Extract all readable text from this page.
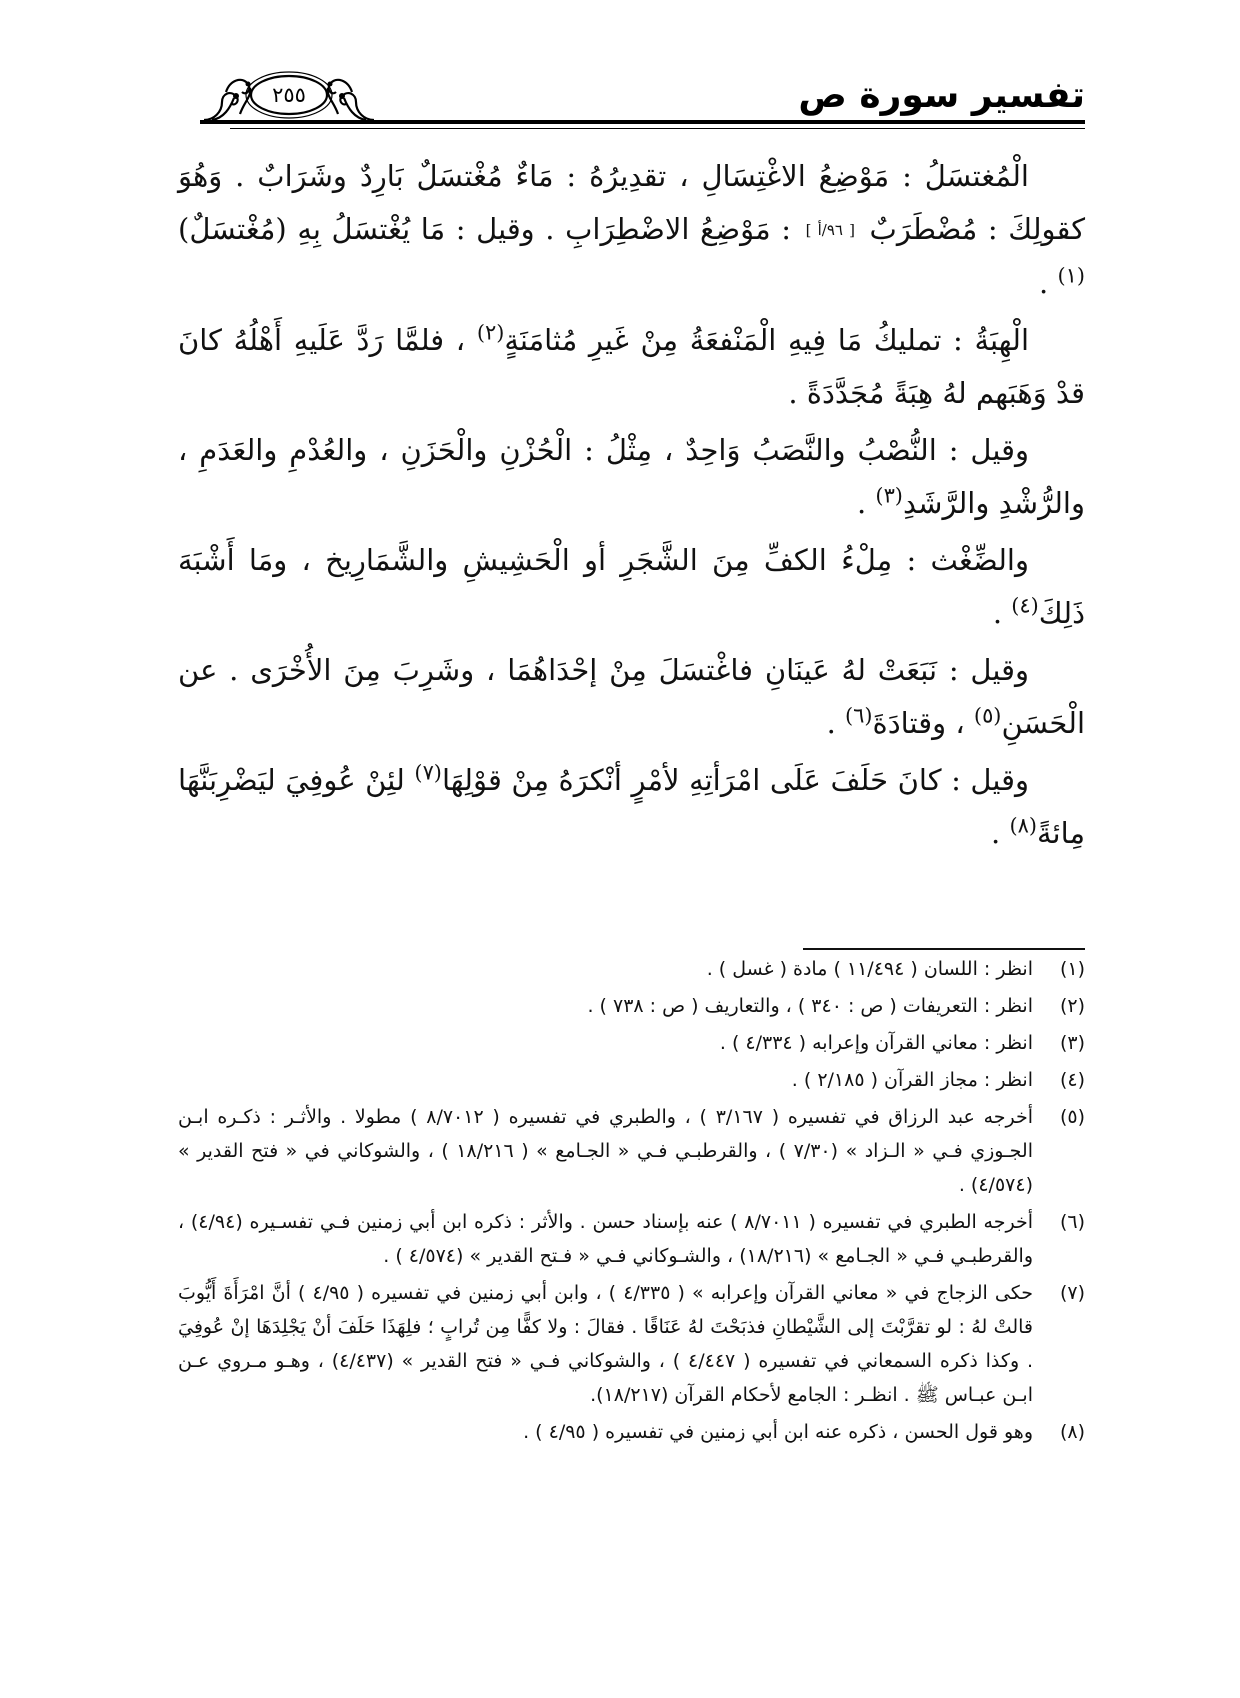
تفسير سورة ص
٢٥٥

الْمُغتسَلُ : مَوْضِعُ الاغْتِسَالِ ، تقدِيرُهُ : مَاءٌ مُغْتسَلٌ بَارِدٌ وشَرَابٌ . وَهُوَ كقولِكَ : مُضْطَرَبٌ [ ٩٦/أ ] : مَوْضِعُ الاضْطِرَابِ . وقيل : مَا يُغْتسَلُ بِهِ (مُغْتسَلٌ)$^{(١)}$ .

الْهِبَةُ : تمليكُ مَا فِيهِ الْمَنْفعَةُ مِنْ غَيرِ مُثامَنَةٍ$^{(٢)}$ ، فلمَّا رَدَّ عَلَيهِ أَهْلُهُ كانَ قدْ وَهَبَهم لهُ هِبَةً مُجَدَّدَةً .

وقيل : النُّصْبُ والنَّصَبُ وَاحِدٌ ، مِثْلُ : الْحُزْنِ والْحَزَنِ ، والعُدْمِ والعَدَمِ ، والرُّشْدِ والرَّشَدِ$^{(٣)}$ .

والضِّغْث : مِلْءُ الكفِّ مِنَ الشَّجَرِ أو الْحَشِيشِ والشَّمَارِيخ ، ومَا أَشْبَهَ ذَلِكَ$^{(٤)}$ .

وقيل : نَبَعَتْ لهُ عَينَانِ فاغْتسَلَ مِنْ إحْدَاهُمَا ، وشَرِبَ مِنَ الأُخْرَى . عن الْحَسَنِ$^{(٥)}$ ، وقتادَةَ$^{(٦)}$ .

وقيل : كانَ حَلَفَ عَلَى امْرَأتِهِ لأمْرٍ أنْكرَهُ مِنْ قوْلِهَا$^{(٧)}$ لئِنْ عُوفِيَ ليَضْرِبَنَّهَا مِائةً$^{(٨)}$ .

(١)
انظر : اللسان ( ١١/٤٩٤ ) مادة ( غسل ) .
(٢)
انظر : التعريفات ( ص : ٣٤٠ ) ، والتعاريف ( ص : ٧٣٨ ) .
(٣)
انظر : معاني القرآن وإعرابه ( ٤/٣٣٤ ) .
(٤)
انظر : مجاز القرآن ( ٢/١٨٥ ) .
(٥)
أخرجه عبد الرزاق في تفسيره ( ٣/١٦٧ ) ، والطبري في تفسيره ( ٨/٧٠١٢ ) مطولا . والأثـر : ذكـره ابـن الجـوزي فـي « الـزاد » (٧/٣٠ ) ، والقرطبـي فـي « الجـامع » ( ١٨/٢١٦ ) ، والشوكاني في « فتح القدير » (٤/٥٧٤) .
(٦)
أخرجه الطبري في تفسيره ( ٨/٧٠١١ ) عنه بإسناد حسن . والأثر : ذكره ابن أبي زمنين فـي تفسـيره (٤/٩٤) ، والقرطبـي فـي « الجـامع » (١٨/٢١٦) ، والشـوكاني فـي « فـتح القدير » (٤/٥٧٤ ) .
(٧)
حكى الزجاج في « معاني القرآن وإعرابه » ( ٤/٣٣٥ ) ، وابن أبي زمنين في تفسيره ( ٤/٩٥ ) أنَّ امْرَأَةَ أَيُّوبَ قالتْ لهُ : لو تقرَّبْتَ إلى الشَّيْطانِ فذبَحْتَ لهُ عَنَاقًا . فقالَ : ولا كفًّا مِن تُرابٍ ؛ فلِهَذَا حَلَفَ أنْ يَجْلِدَهَا إنْ عُوفِيَ . وكذا ذكره السمعاني في تفسيره ( ٤/٤٤٧ ) ، والشوكاني فـي « فتح القدير » (٤/٤٣٧) ، وهـو مـروي عـن ابـن عبـاس ﷺ . انظـر : الجامع لأحكام القرآن (١٨/٢١٧).
(٨)
وهو قول الحسن ، ذكره عنه ابن أبي زمنين في تفسيره ( ٤/٩٥ ) .
